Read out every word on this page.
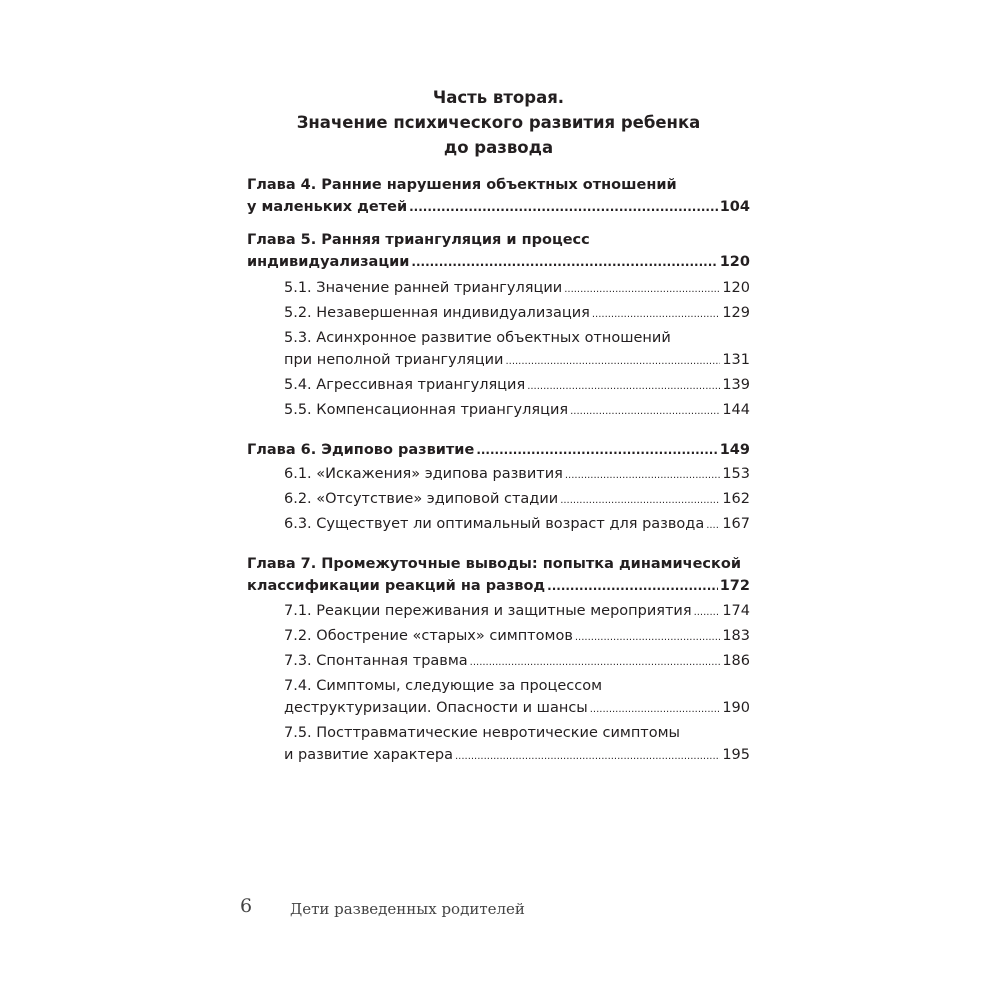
Часть вторая.
Значение психического развития ребенка
до развода
Глава 4. Ранние нарушения объектных отношений
у маленьких детей .....	104
Глава 5. Ранняя триангуляция и процесс
индивидуализации .....	120
5.1. Значение ранней триангуляции .....	120
5.2. Незавершенная индивидуализация .....	129
5.3. Асинхронное развитие объектных отношений
при неполной триангуляции .....	131
5.4. Агрессивная триангуляция .....	139
5.5. Компенсационная триангуляция .....	144
Глава 6. Эдипово развитие .....	149
6.1. «Искажения» эдипова развития .....	153
6.2. «Отсутствие» эдиповой стадии .....	162
6.3. Существует ли оптимальный возраст для развода ..... 167
Глава 7. Промежуточные выводы: попытка динамической
классификации реакций на развод .....	172
7.1. Реакции переживания и защитные мероприятия ..... 174
7.2. Обострение «старых» симптомов .....	183
7.3. Спонтанная травма .....	186
7.4. Симптомы, следующие за процессом
деструктуризации. Опасности и шансы .....	190
7.5. Посттравматические невротические симптомы
и развитие характера .....	195
6	Дети разведенных родителей
